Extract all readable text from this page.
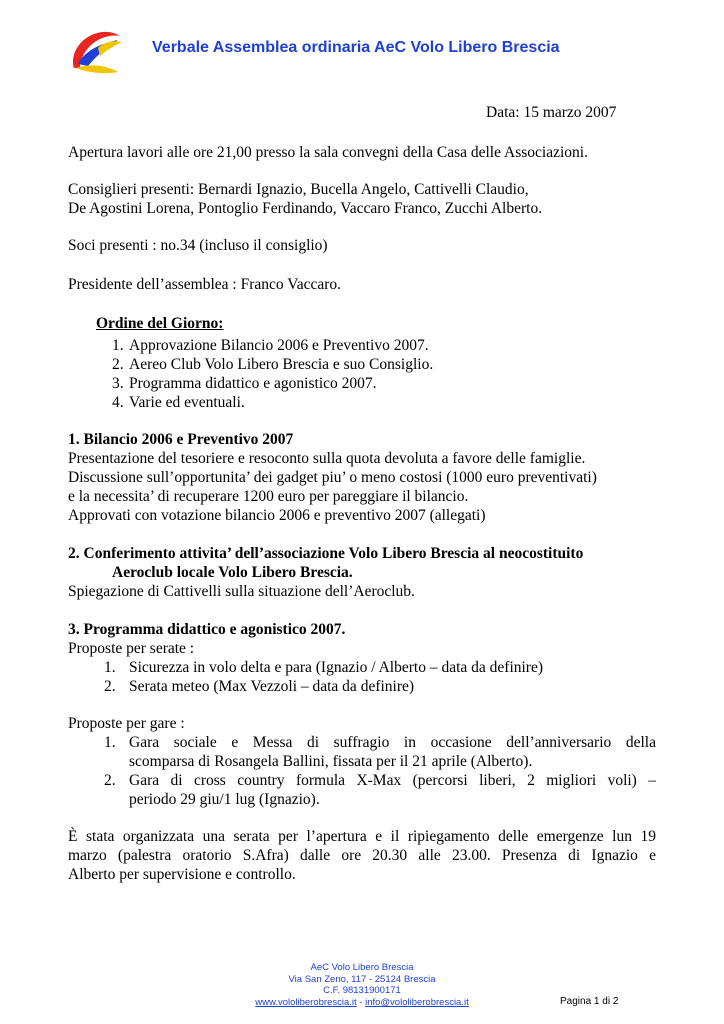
Verbale Assemblea ordinaria AeC Volo Libero Brescia
Data: 15 marzo 2007
Apertura lavori alle ore 21,00 presso la sala convegni della Casa delle Associazioni.
Consiglieri presenti: Bernardi Ignazio, Bucella Angelo, Cattivelli Claudio,
De Agostini Lorena, Pontoglio Ferdinando, Vaccaro Franco, Zucchi Alberto.
Soci presenti : no.34 (incluso il consiglio)
Presidente dell’assemblea : Franco Vaccaro.
Ordine del Giorno:
1. Approvazione Bilancio 2006 e Preventivo 2007.
2. Aereo Club Volo Libero Brescia e suo Consiglio.
3. Programma didattico e agonistico 2007.
4. Varie ed eventuali.
1. Bilancio 2006 e Preventivo 2007
Presentazione del tesoriere e resoconto sulla quota devoluta a favore delle famiglie.
Discussione sull’opportunita’ dei gadget piu’ o meno costosi (1000 euro preventivati)
e la necessita’ di recuperare 1200 euro per pareggiare il bilancio.
Approvati con votazione bilancio 2006 e preventivo 2007 (allegati)
2. Conferimento attivita’ dell’associazione Volo Libero Brescia al neocostituito
Aeroclub locale Volo Libero Brescia.
Spiegazione di Cattivelli sulla situazione dell’Aeroclub.
3. Programma didattico e agonistico 2007.
Proposte per serate :
1. Sicurezza in volo delta e para (Ignazio / Alberto – data da definire)
2. Serata meteo (Max Vezzoli – data da definire)
Proposte per gare :
1. Gara sociale e Messa di suffragio in occasione dell’anniversario della
scomparsa di Rosangela Ballini, fissata per il 21 aprile (Alberto).
2. Gara di cross country formula X-Max (percorsi liberi, 2 migliori voli) –
periodo 29 giu/1 lug (Ignazio).
È stata organizzata una serata per l’apertura e il ripiegamento delle emergenze lun 19
marzo (palestra oratorio S.Afra) dalle ore 20.30 alle 23.00. Presenza di Ignazio e
Alberto per supervisione e controllo.
AeC Volo Libero Brescia
Via San Zeno, 117 - 25124 Brescia
C.F. 98131900171
www.vololiberobrescia.it - info@vololiberobrescia.it	Pagina 1 di 2
